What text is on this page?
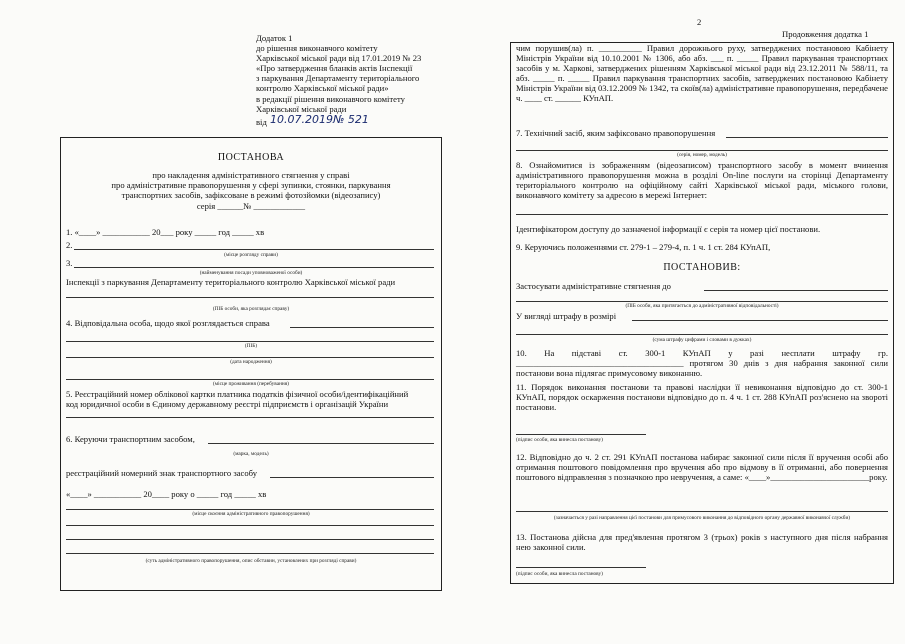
Додаток 1
до рішення виконавчого комітету
Харківської міської ради від 17.01.2019 № 23
«Про затвердження бланків актів Інспекції
з паркування Департаменту територіального
контролю Харківської міської ради»
в редакції рішення виконавчого комітету
Харківської міської ради
від 10.07.2019№ 521
ПОСТАНОВА
про накладення адміністративного стягнення у справі
про адміністративне правопорушення у сфері зупинки, стоянки, паркування
транспортних засобів, зафіксоване в режимі фотозйомки (відеозапису)
серія ______№ ____________
1. «____» ___________ 20___ року _____ год _____ хв
2.
(місце розгляду справи)
3.
(найменування посади уповноваженої особи)
Інспекції з паркування Департаменту територіального контролю Харківської міської ради
(ПІБ особи, яка розглядає справу)
4. Відповідальна особа, щодо якої розглядається справа
(ПІБ)
(дата народження)
(місце проживання (перебування)
5. Реєстраційний номер облікової картки платника податків фізичної особи/ідентифікаційний
код юридичної особи в Єдиному державному реєстрі підприємств і організацій України
6. Керуючи транспортним засобом,
(марка, модель)
реєстраційний номерний знак транспортного засобу
«____» ___________ 20____ року о _____ год _____ хв
(місце скоєння адміністративного правопорушення)
(суть адміністративного правопорушення, опис обставин, установлених при розгляді справи)
2
Продовження додатка 1
чим порушив(ла) п. __________ Правил дорожнього руху, затверджених постановою Кабінету Міністрів України від 10.10.2001 № 1306, або абз. ___ п. _____ Правил паркування транспортних засобів у м. Харкові, затверджених рішенням Харківської міської ради від 23.12.2011 № 588/11, та абз. _____ п. _____ Правил паркування транспортних засобів, затверджених постановою Кабінету Міністрів України від 03.12.2009 № 1342, та скоїв(ла) адміністративне правопорушення, передбачене ч. ____ ст. ______ КУпАП.
7. Технічний засіб, яким зафіксовано правопорушення
(серія, номер, модель)
8. Ознайомитися із зображенням (відеозаписом) транспортного засобу в момент вчинення адміністративного правопорушення можна в розділі On-line послуги на сторінці Департаменту територіального контролю на офіційному сайті Харківської міської ради, міського голови, виконавчого комітету за адресою в мережі Інтернет:
Ідентифікатором доступу до зазначеної інформації є серія та номер цієї постанови.
9. Керуючись положеннями ст. 279-1 – 279-4, п. 1 ч. 1 ст. 284 КУпАП,
ПОСТАНОВИВ:
Застосувати адміністративне стягнення до
(ПІБ особи, яка притягається до адміністративної відповідальності)
У вигляді штрафу в розмірі
(сума штрафу цифрами і словами в дужках)
10. На підставі ст. 300-1 КУпАП у разі несплати штрафу гр. _______________________________________ протягом 30 днів з дня набрання законної сили постанови вона підлягає примусовому виконанню.
11. Порядок виконання постанови та правові наслідки її невиконання відповідно до ст. 300-1 КУпАП, порядок оскарження постанови відповідно до п. 4 ч. 1 ст. 288 КУпАП роз'яснено на звороті постанови.
(підпис особи, яка винесла постанову)
12. Відповідно до ч. 2 ст. 291 КУпАП постанова набирає законної сили після її вручення особі або отримання поштового повідомлення про вручення або про відмову в її отриманні, або повернення поштового відправлення з позначкою про невручення, а саме: «____»_______________________року.
(зазначається у разі направлення цієї постанови для примусового виконання до відповідного органу державної виконавчої служби)
13. Постанова дійсна для пред'явлення протягом 3 (трьох) років з наступного дня після набрання нею законної сили.
(підпис особи, яка винесла постанову)
